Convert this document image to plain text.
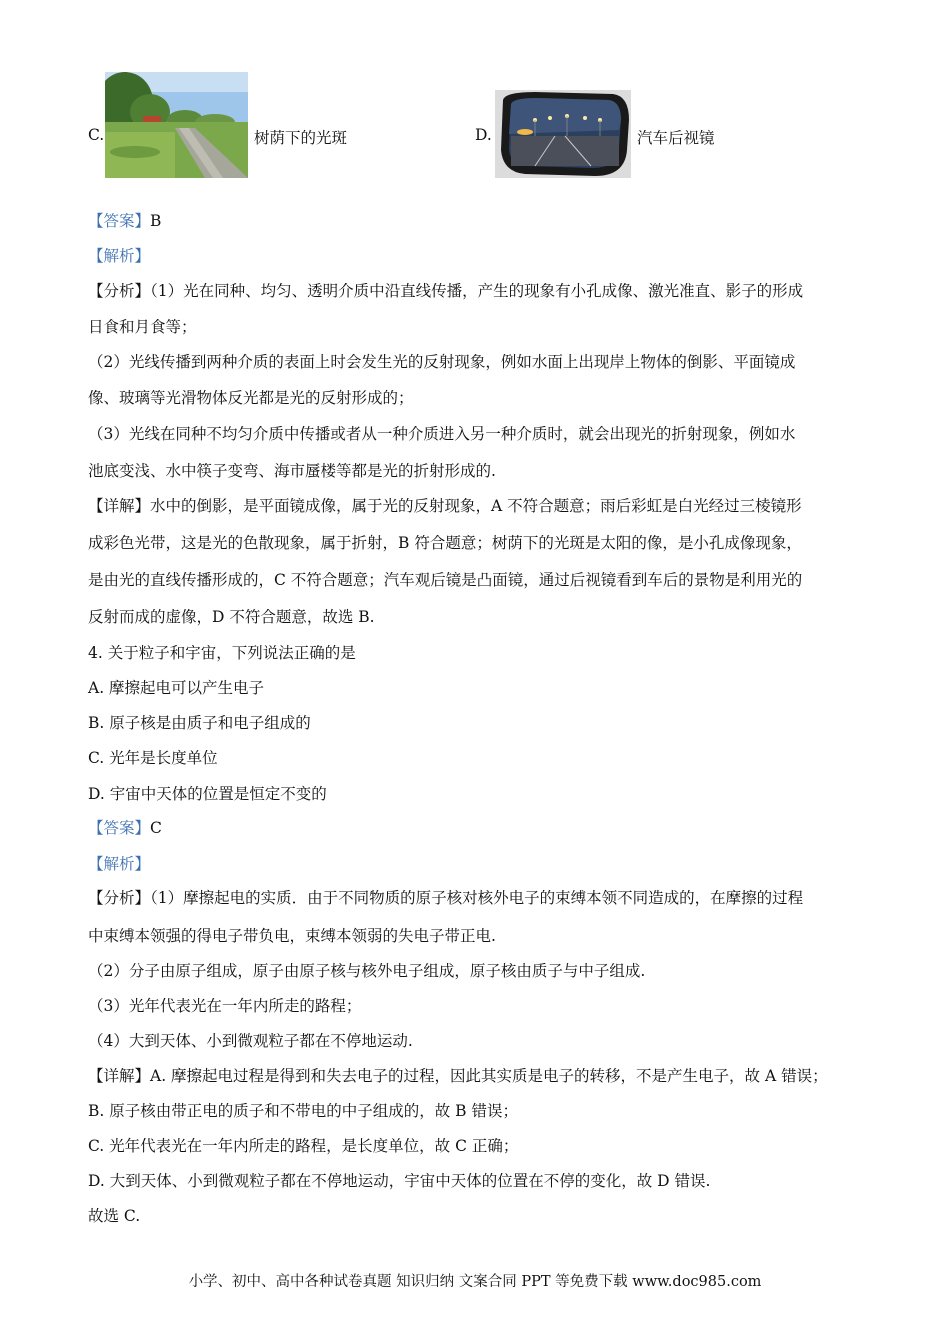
C.	树荫下的光斑	D.	汽车后视镜
【答案】B
【解析】
【分析】（1）光在同种、均匀、透明介质中沿直线传播，产生的现象有小孔成像、激光准直、影子的形成
日食和月食等；
（2）光线传播到两种介质的表面上时会发生光的反射现象，例如水面上出现岸上物体的倒影、平面镜成
像、玻璃等光滑物体反光都是光的反射形成的；
（3）光线在同种不均匀介质中传播或者从一种介质进入另一种介质时，就会出现光的折射现象，例如水
池底变浅、水中筷子变弯、海市蜃楼等都是光的折射形成的.
【详解】水中的倒影，是平面镜成像，属于光的反射现象，A 不符合题意；雨后彩虹是白光经过三棱镜形
成彩色光带，这是光的色散现象，属于折射，B 符合题意；树荫下的光斑是太阳的像，是小孔成像现象，
是由光的直线传播形成的，C 不符合题意；汽车观后镜是凸面镜，通过后视镜看到车后的景物是利用光的
反射而成的虚像，D 不符合题意，故选 B.
4. 关于粒子和宇宙，下列说法正确的是
A. 摩擦起电可以产生电子
B. 原子核是由质子和电子组成的
C. 光年是长度单位
D. 宇宙中天体的位置是恒定不变的
【答案】C
【解析】
【分析】（1）摩擦起电的实质．由于不同物质的原子核对核外电子的束缚本领不同造成的，在摩擦的过程
中束缚本领强的得电子带负电，束缚本领弱的失电子带正电.
（2）分子由原子组成，原子由原子核与核外电子组成，原子核由质子与中子组成.
（3）光年代表光在一年内所走的路程；
（4）大到天体、小到微观粒子都在不停地运动.
【详解】A. 摩擦起电过程是得到和失去电子的过程，因此其实质是电子的转移，不是产生电子，故 A 错误；
B. 原子核由带正电的质子和不带电的中子组成的，故 B 错误；
C. 光年代表光在一年内所走的路程，是长度单位，故 C 正确；
D. 大到天体、小到微观粒子都在不停地运动，宇宙中天体的位置在不停的变化，故 D 错误.
故选 C.
小学、初中、高中各种试卷真题 知识归纳 文案合同 PPT 等免费下载 www.doc985.com
